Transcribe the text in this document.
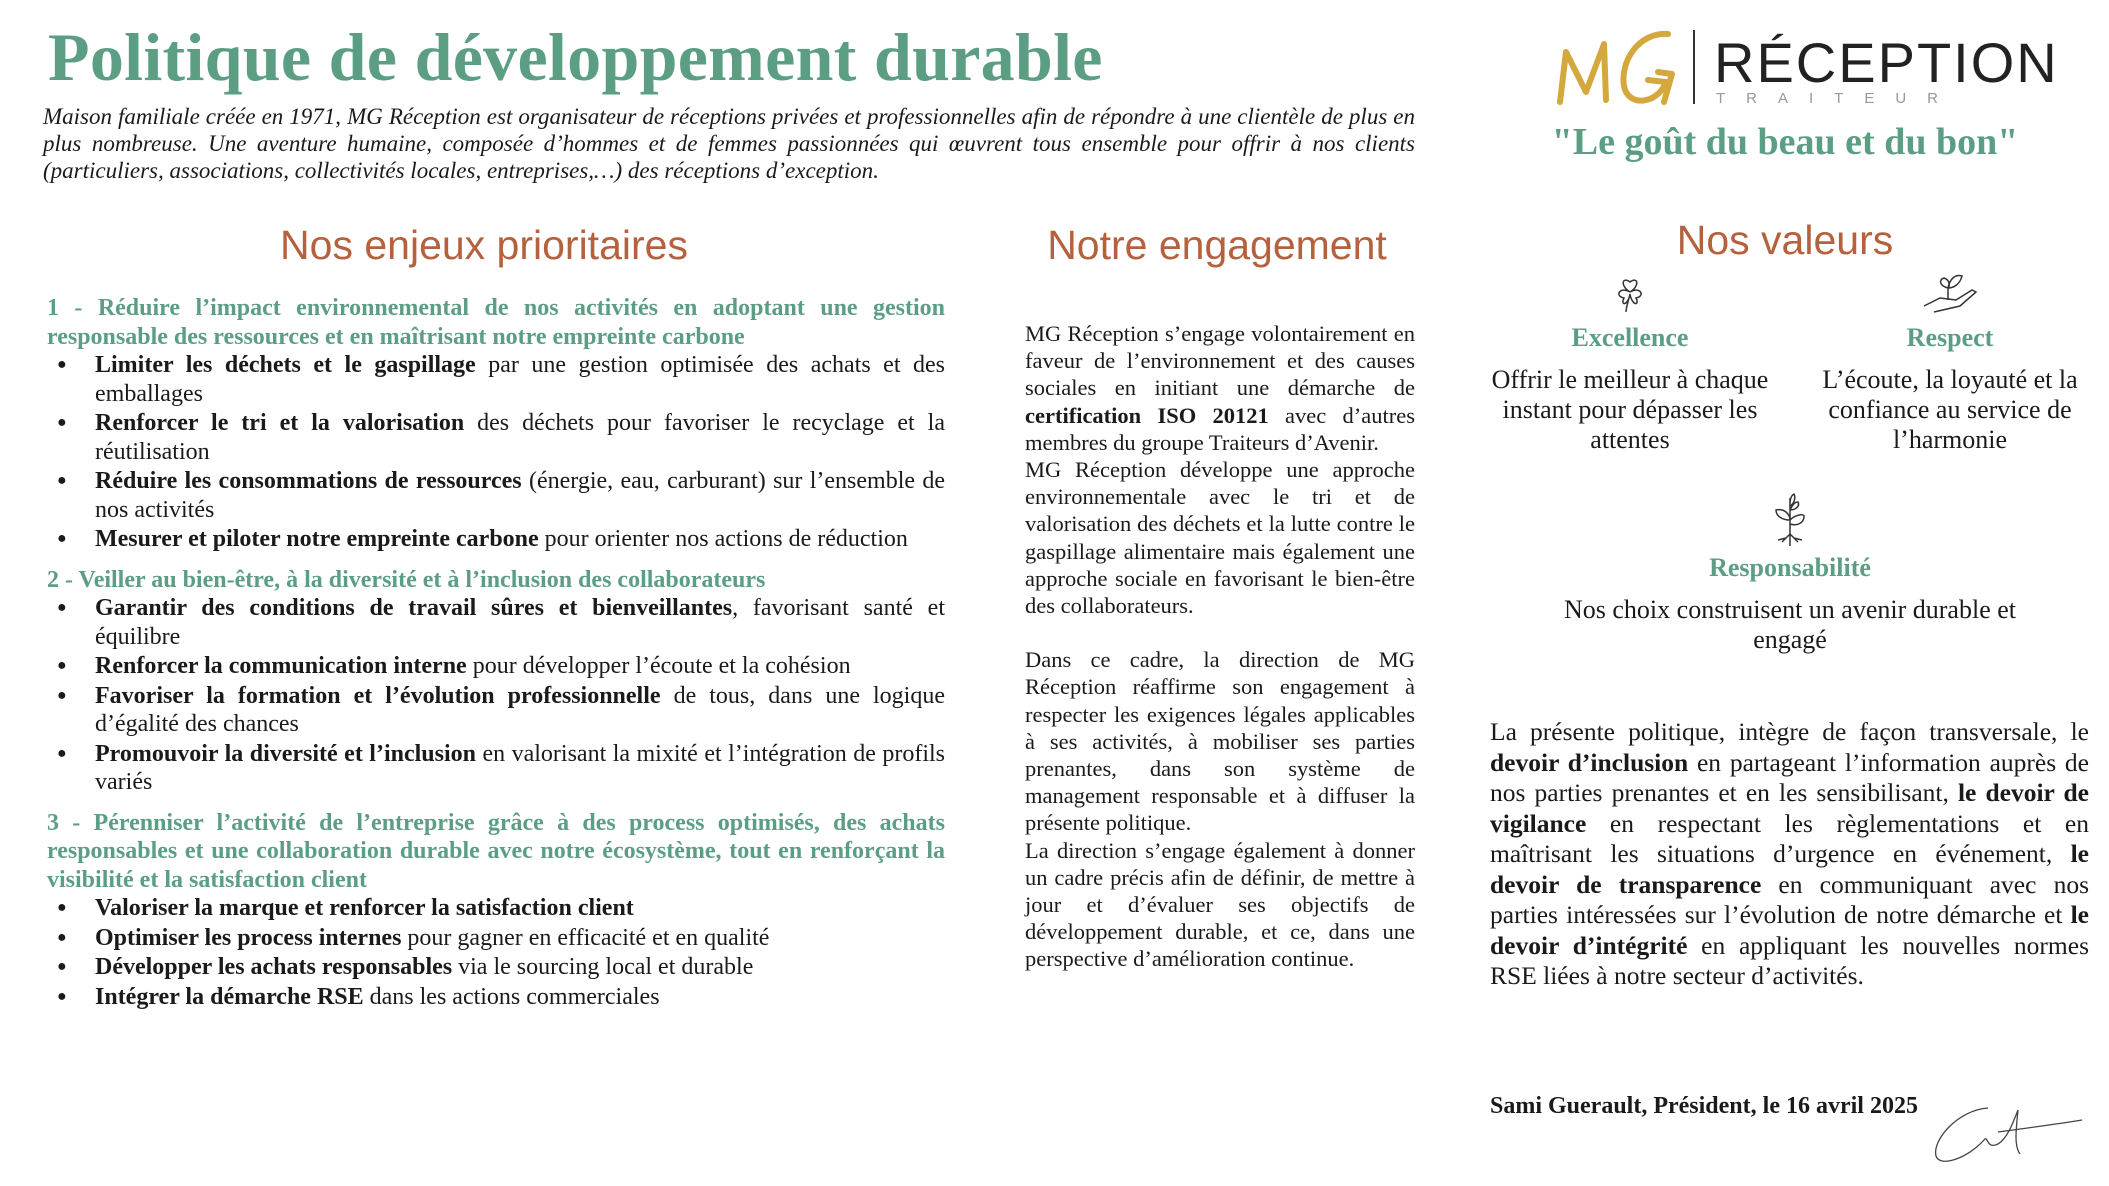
Politique de développement durable
Maison familiale créée en 1971, MG Réception est organisateur de réceptions privées et professionnelles afin de répondre à une clientèle de plus en plus nombreuse. Une aventure humaine, composée d’hommes et de femmes passionnées qui œuvrent tous ensemble pour offrir à nos clients (particuliers, associations, collectivités locales, entreprises,…) des réceptions d’exception.
RÉCEPTION
TRAITEUR
"Le goût du beau et du bon"
Nos enjeux prioritaires	Notre engagement	Nos valeurs

1 - Réduire l’impact environnemental de nos activités en adoptant une gestion responsable des ressources et en maîtrisant notre empreinte carbone

● Limiter les déchets et le gaspillage par une gestion optimisée des achats et des emballages
● Renforcer le tri et la valorisation des déchets pour favoriser le recyclage et la réutilisation
● Réduire les consommations de ressources (énergie, eau, carburant) sur l’ensemble de nos activités
● Mesurer et piloter notre empreinte carbone pour orienter nos actions de réduction

2 - Veiller au bien-être, à la diversité et à l’inclusion des collaborateurs

● Garantir des conditions de travail sûres et bienveillantes, favorisant santé et équilibre
● Renforcer la communication interne pour développer l’écoute et la cohésion
● Favoriser la formation et l’évolution professionnelle de tous, dans une logique d’égalité des chances
● Promouvoir la diversité et l’inclusion en valorisant la mixité et l’intégration de profils variés

3 - Pérenniser l’activité de l’entreprise grâce à des process optimisés, des achats responsables et une collaboration durable avec notre écosystème, tout en renforçant la visibilité et la satisfaction client

● Valoriser la marque et renforcer la satisfaction client
● Optimiser les process internes pour gagner en efficacité et en qualité
● Développer les achats responsables via le sourcing local et durable
● Intégrer la démarche RSE dans les actions commerciales

MG Réception s’engage volontairement en faveur de l’environnement et des causes sociales en initiant une démarche de certification ISO 20121 avec d’autres membres du groupe Traiteurs d’Avenir.

MG Réception développe une approche environnementale avec le tri et de valorisation des déchets et la lutte contre le gaspillage alimentaire mais également une approche sociale en favorisant le bien-être des collaborateurs.

Dans ce cadre, la direction de MG Réception réaffirme son engagement à respecter les exigences légales applicables à ses activités, à mobiliser ses parties prenantes, dans son système de management responsable et à diffuser la présente politique.

La direction s’engage également à donner un cadre précis afin de définir, de mettre à jour et d’évaluer ses objectifs de développement durable, et ce, dans une perspective d’amélioration continue.

Excellence
Offrir le meilleur à chaque instant pour dépasser les attentes
Respect
L’écoute, la loyauté et la confiance au service de l’harmonie
Responsabilité
Nos choix construisent un avenir durable et engagé
La présente politique, intègre de façon transversale, le devoir d’inclusion en partageant l’information auprès de nos parties prenantes et en les sensibilisant, le devoir de vigilance en respectant les règlementations et en maîtrisant les situations d’urgence en événement, le devoir de transparence en communiquant avec nos parties intéressées sur l’évolution de notre démarche et le devoir d’intégrité en appliquant les nouvelles normes RSE liées à notre secteur d’activités.
Sami Guerault, Président, le 16 avril 2025
